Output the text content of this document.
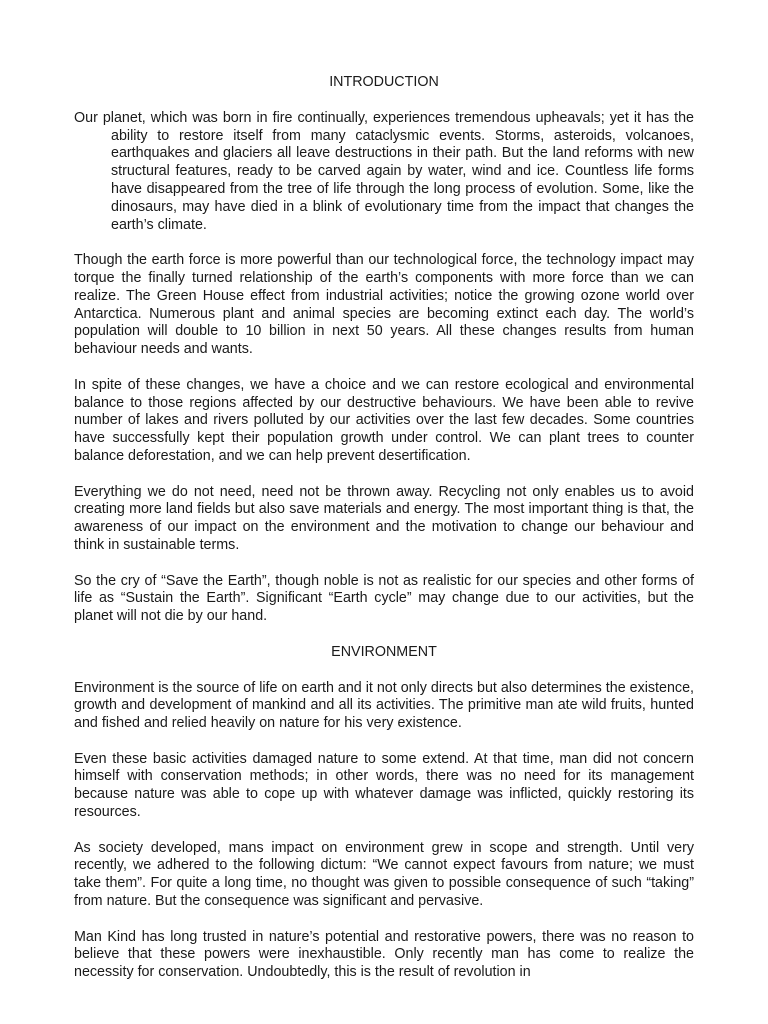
INTRODUCTION

Our planet, which was born in fire continually, experiences tremendous upheavals; yet it has the ability to restore itself from many cataclysmic events. Storms, asteroids, volcanoes, earthquakes and glaciers all leave destructions in their path. But the land reforms with new structural features, ready to be carved again by water, wind and ice. Countless life forms have disappeared from the tree of life through the long process of evolution. Some, like the dinosaurs, may have died in a blink of evolutionary time from the impact that changes the earth’s climate.

Though the earth force is more powerful than our technological force, the technology impact may torque the finally turned relationship of the earth’s components with more force than we can realize. The Green House effect from industrial activities; notice the growing ozone world over Antarctica. Numerous plant and animal species are becoming extinct each day. The world’s population will double to 10 billion in next 50 years. All these changes results from human behaviour needs and wants.

In spite of these changes, we have a choice and we can restore ecological and environmental balance to those regions affected by our destructive behaviours. We have been able to revive number of lakes and rivers polluted by our activities over the last few decades. Some countries have successfully kept their population growth under control. We can plant trees to counter balance deforestation, and we can help prevent desertification.

Everything we do not need, need not be thrown away. Recycling not only enables us to avoid creating more land fields but also save materials and energy. The most important thing is that, the awareness of our impact on the environment and the motivation to change our behaviour and think in sustainable terms.

So the cry of “Save the Earth”, though noble is not as realistic for our species and other forms of life as “Sustain the Earth”. Significant “Earth cycle” may change due to our activities, but the planet will not die by our hand.

ENVIRONMENT

Environment is the source of life on earth and it not only directs but also determines the existence, growth and development of mankind and all its activities. The primitive man ate wild fruits, hunted and fished and relied heavily on nature for his very existence.

Even these basic activities damaged nature to some extend. At that time, man did not concern himself with conservation methods; in other words, there was no need for its management because nature was able to cope up with whatever damage was inflicted, quickly restoring its resources.

As society developed, mans impact on environment grew in scope and strength. Until very recently, we adhered to the following dictum: “We cannot expect favours from nature; we must take them”. For quite a long time, no thought was given to possible consequence of such “taking” from nature. But the consequence was significant and pervasive.

Man Kind has long trusted in nature’s potential and restorative powers, there was no reason to believe that these powers were inexhaustible. Only recently man has come to realize the necessity for conservation. Undoubtedly, this is the result of revolution in
